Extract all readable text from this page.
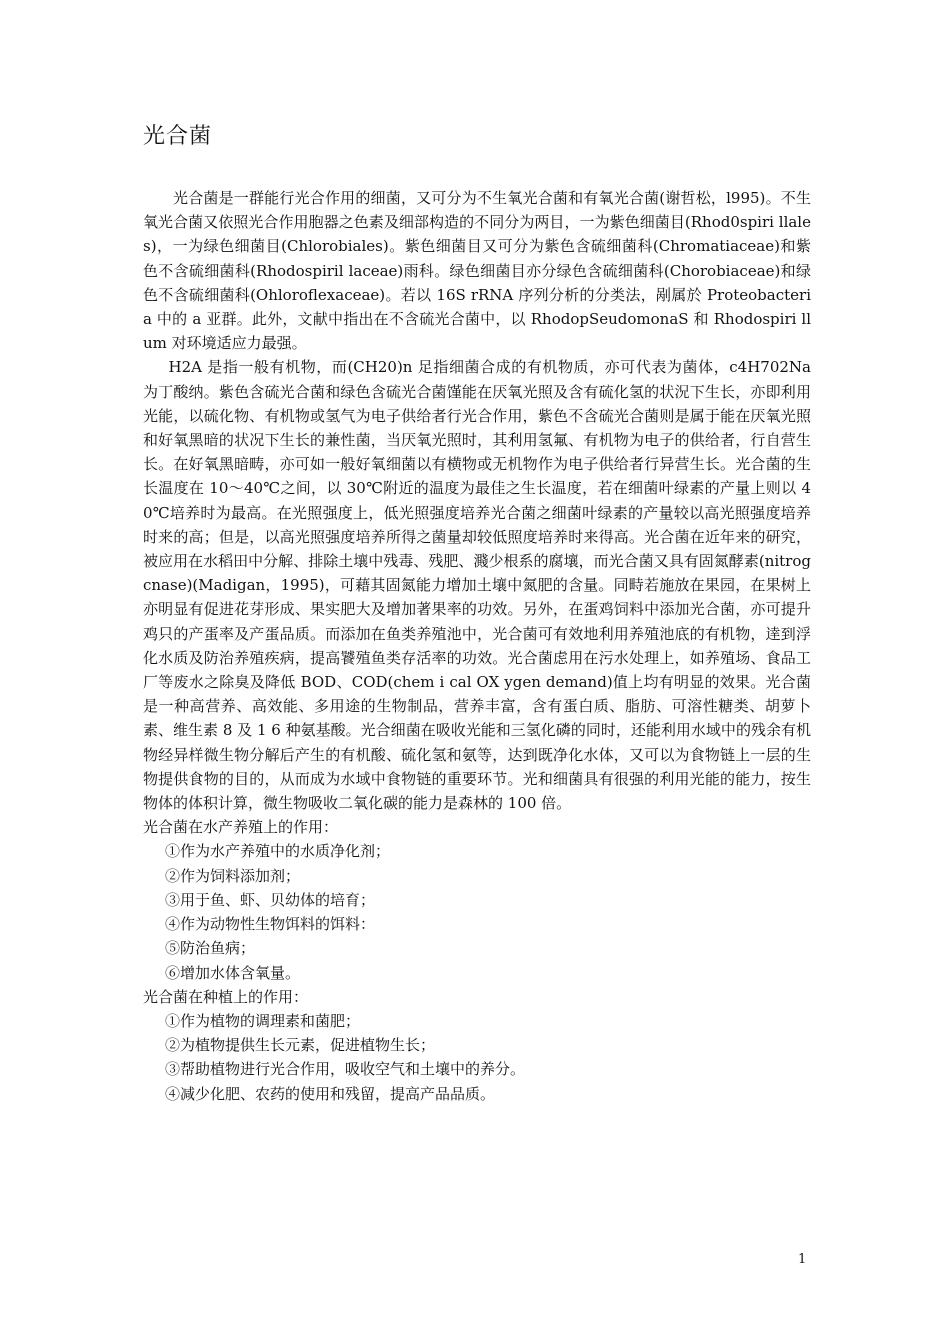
光合菌

光合菌是一群能行光合作用的细菌，又可分为不生氧光合菌和有氧光合菌(谢哲松，l995)。不生氧光合菌又依照光合作用胞器之色素及细部构造的不同分为两目，一为紫色细菌目(Rhod0spiri llales)，一为绿色细菌目(Chlorobiales)。紫色细菌目又可分为紫色含硫细菌科(Chromatiaceae)和紫色不含硫细菌科(Rhodospiril laceae)雨科。绿色细菌目亦分绿色含硫细菌科(Chorobiaceae)和绿色不含硫细菌科(Ohloroflexaceae)。若以 16S rRNA 序列分析的分类法，剐属於 Proteobacteria 中的 a 亚群。此外，文献中指出在不含硫光合菌中，以 RhodopSeudomonaS 和 Rhodospiri llum 对环境适应力最强。

H2A 是指一般有机物，而(CH20)n 足指细菌合成的有机物质，亦可代表为菌体，c4H702Na 为丁酸纳。紫色含硫光合菌和绿色含硫光合菌馑能在厌氧光照及含有硫化氢的状況下生长，亦即利用光能，以硫化物、有机物或氢气为电子供给者行光合作用，紫色不含硫光合菌则是属于能在厌氧光照和好氧黑暗的状况下生长的兼性菌，当厌氧光照时，其利用氢氟、有机物为电子的供给者，行自营生长。在好氧黑暗畴，亦可如一般好氧细菌以有横物或无机物作为电子供给者行异营生长。光合菌的生长温度在 10～40℃之间，以 30℃附近的温度为最佳之生长温度，若在细菌叶绿素的产量上则以 40℃培养时为最高。在光照强度上，低光照强度培养光合菌之细菌叶绿素的产量较以高光照强度培养时来的高；但是，以高光照强度培养所得之菌量却较低照度培养时来得高。光合菌在近年来的研究，被应用在水稻田中分解、排除土壤中残毒、残肥、濺少根系的腐壤，而光合菌又具有固氮酵素(nitrogcnase)(Madigan，1995)，可藉其固氮能力增加土壤中氮肥的含量。同畤若施放在果园，在果树上亦明显有促进花芽形成、果实肥大及增加著果率的功效。另外，在蛋鸡饲料中添加光合菌，亦可提升鸡只的产蛋率及产蛋品质。而添加在鱼类养殖池中，光合菌可有效地利用养殖池底的有机物，逹到浮化水质及防治养殖疾病，提高饕殖鱼类存活率的功效。光合菌虑用在污水处理上，如养殖场、食品工厂等废水之除臭及降低 BOD、COD(chem i cal OX ygen demand)值上均有明显的效果。光合菌是一种高营养、高效能、多用途的生物制品，营养丰富，含有蛋白质、脂肪、可溶性糖类、胡萝卜素、维生素 8 及 1 6 种氨基酸。光合细菌在吸收光能和三氢化磷的同时，还能利用水域中的残余有机物经异样微生物分解后产生的有机酸、硫化氢和氨等，达到既净化水体，又可以为食物链上一层的生物提供食物的目的，从而成为水域中食物链的重要环节。光和细菌具有很强的利用光能的能力，按生物体的体积计算，微生物吸收二氧化碳的能力是森林的 100 倍。

光合菌在水产养殖上的作用：

①作为水产养殖中的水质净化剂；
②作为饲料添加剂；
③用于鱼、虾、贝幼体的培育；
④作为动物性生物饵料的饵料：
⑤防治鱼病；
⑥增加水体含氧量。

光合菌在种植上的作用：

①作为植物的调理素和菌肥；
②为植物提供生长元素，促进植物生长；
③帮助植物进行光合作用，吸收空气和土壤中的养分。
④减少化肥、农药的使用和残留，提高产品品质。
1
